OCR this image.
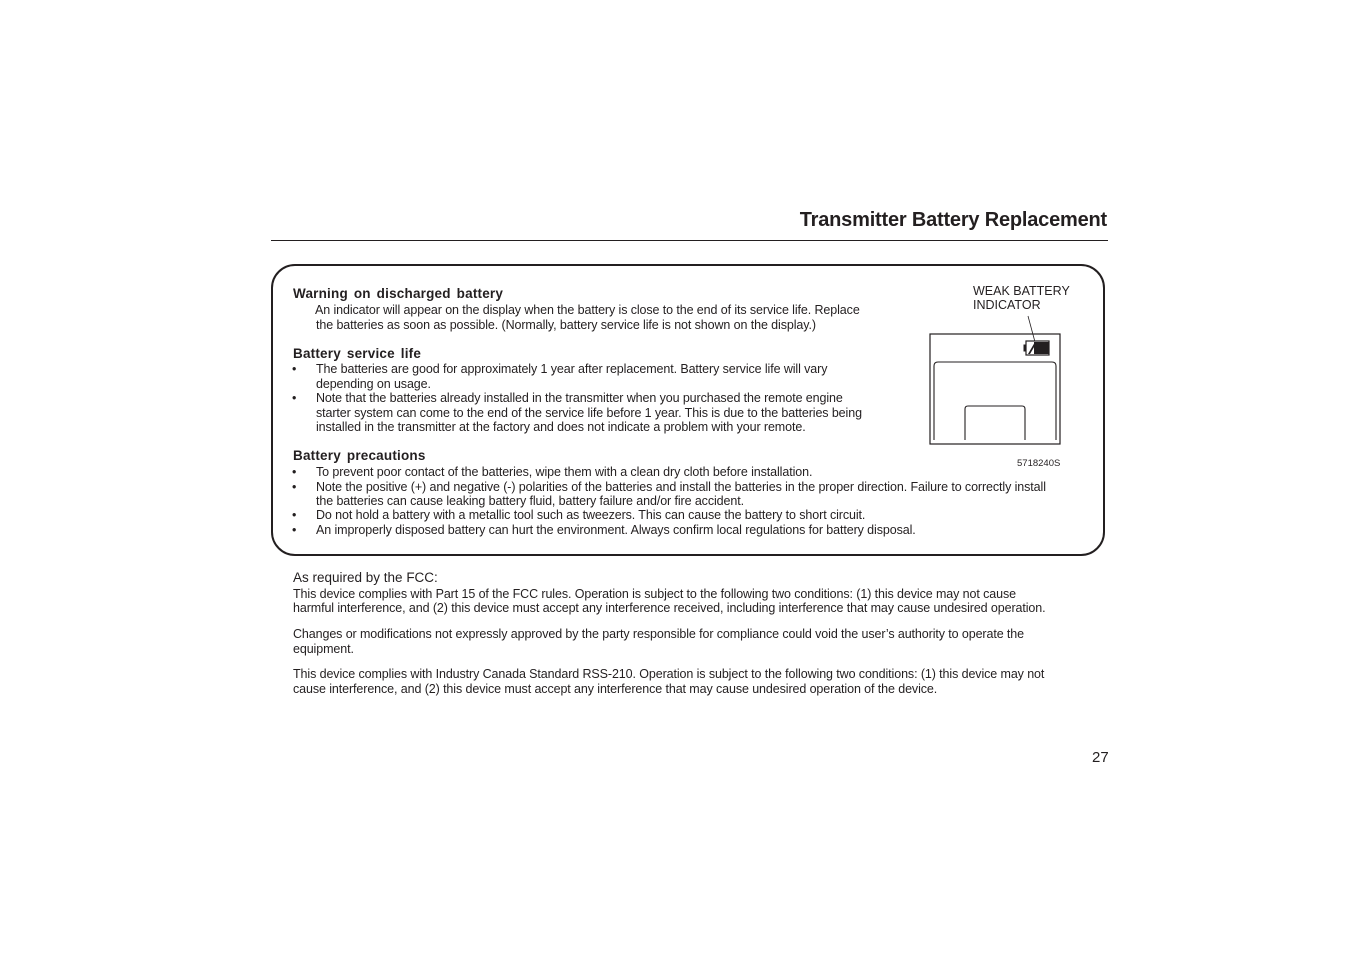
Transmitter Battery Replacement
Warning on discharged battery

An indicator will appear on the display when the battery is close to the end of its service life. Replace

the batteries as soon as possible. (Normally, battery service life is not shown on the display.)

Battery service life
•	The batteries are good for approximately 1 year after replacement. Battery service life will vary

depending on usage.

•	Note that the batteries already installed in the transmitter when you purchased the remote engine

starter system can come to the end of the service life before 1 year. This is due to the batteries being

installed in the transmitter at the factory and does not indicate a problem with your remote.

Battery precautions
•	To prevent poor contact of the batteries, wipe them with a clean dry cloth before installation.

•	Note the positive (+) and negative (-) polarities of the batteries and install the batteries in the proper direction. Failure to correctly install

the batteries can cause leaking battery fluid, battery failure and/or fire accident.

•	Do not hold a battery with a metallic tool such as tweezers. This can cause the battery to short circuit.

•	An improperly disposed battery can hurt the environment. Always confirm local regulations for battery disposal.

WEAK BATTERY
INDICATOR

5718240S

As required by the FCC:

This device complies with Part 15 of the FCC rules. Operation is subject to the following two conditions: (1) this device may not cause

harmful interference, and (2) this device must accept any interference received, including interference that may cause undesired operation.

Changes or modifications not expressly approved by the party responsible for compliance could void the user’s authority to operate the

equipment.

This device complies with Industry Canada Standard RSS-210. Operation is subject to the following two conditions: (1) this device may not

cause interference, and (2) this device must accept any interference that may cause undesired operation of the device.

27
